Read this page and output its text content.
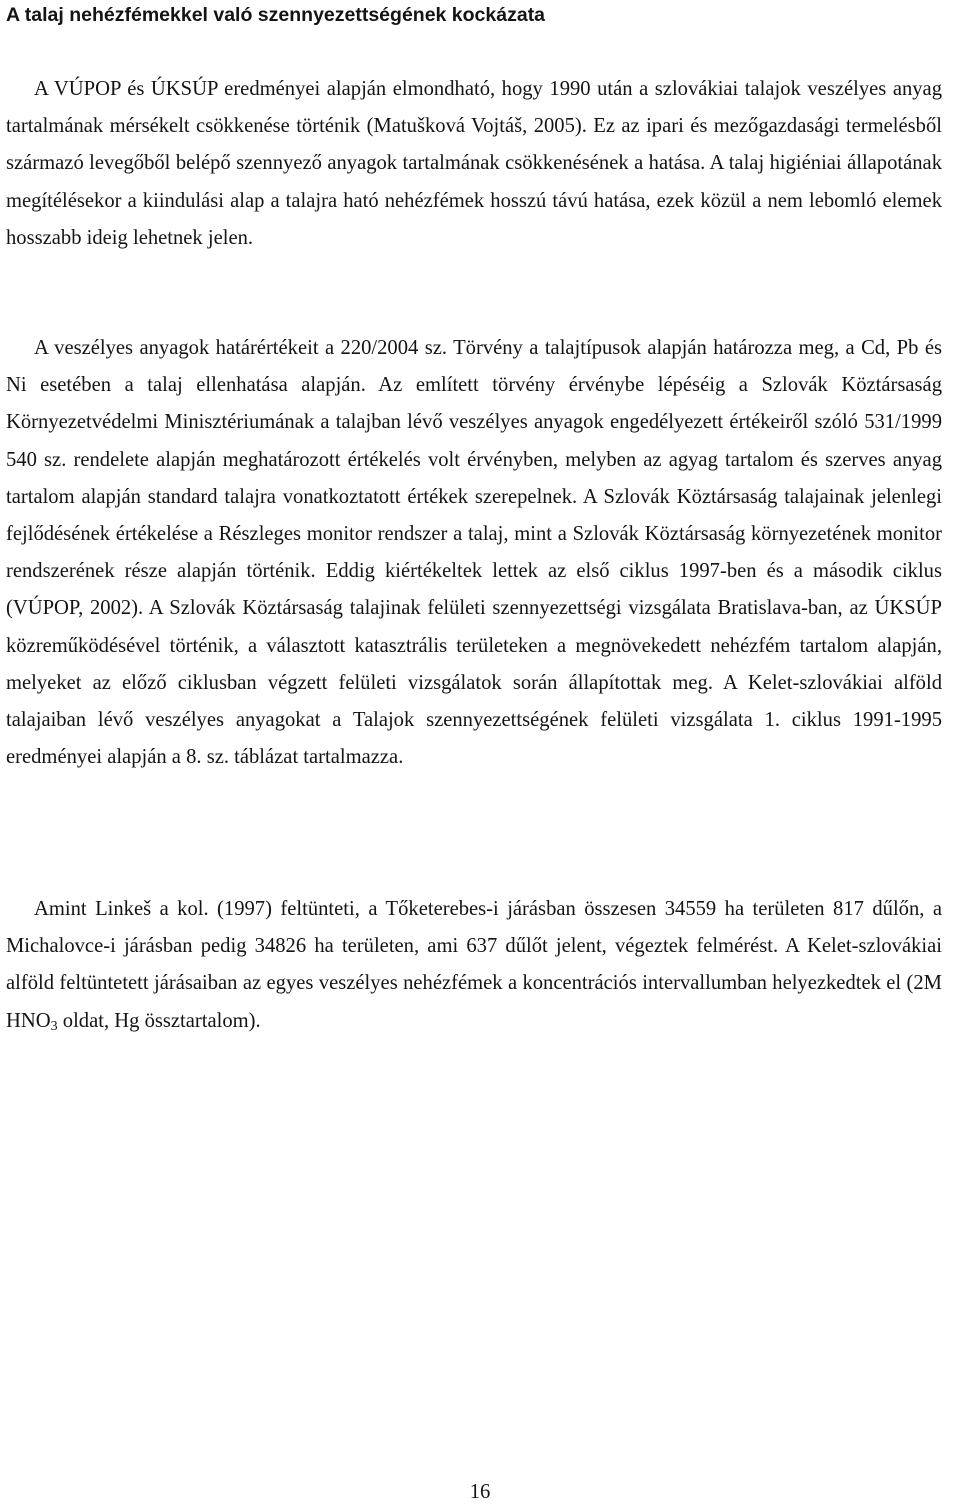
A talaj nehézfémekkel való szennyezettségének kockázata

A VÚPOP és ÚKSÚP eredményei alapján elmondható, hogy 1990 után a szlovákiai talajok veszélyes anyag tartalmának mérsékelt csökkenése történik (Matušková Vojtáš, 2005). Ez az ipari és mezőgazdasági termelésből származó levegőből belépő szennyező anyagok tartalmának csökkenésének a hatása. A talaj higiéniai állapotának megítélésekor a kiindulási alap a talajra ható nehézfémek hosszú távú hatása, ezek közül a nem lebomló elemek hosszabb ideig lehetnek jelen.

A veszélyes anyagok határértékeit a 220/2004 sz. Törvény a talajtípusok alapján határozza meg, a Cd, Pb és Ni esetében a talaj ellenhatása alapján. Az említett törvény érvénybe lépéséig a Szlovák Köztársaság Környezetvédelmi Minisztériumának a talajban lévő veszélyes anyagok engedélyezett értékeiről szóló 531/1999 540 sz. rendelete alapján meghatározott értékelés volt érvényben, melyben az agyag tartalom és szerves anyag tartalom alapján standard talajra vonatkoztatott értékek szerepelnek. A Szlovák Köztársaság talajainak jelenlegi fejlődésének értékelése a Részleges monitor rendszer a talaj, mint a Szlovák Köztársaság környezetének monitor rendszerének része alapján történik. Eddig kiértékeltek lettek az első ciklus 1997-ben és a második ciklus (VÚPOP, 2002). A Szlovák Köztársaság talajinak felületi szennyezettségi vizsgálata Bratislava-ban, az ÚKSÚP közreműködésével történik, a választott katasztrális területeken a megnövekedett nehézfém tartalom alapján, melyeket az előző ciklusban végzett felületi vizsgálatok során állapítottak meg. A Kelet-szlovákiai alföld talajaiban lévő veszélyes anyagokat a Talajok szennyezettségének felületi vizsgálata 1. ciklus 1991-1995 eredményei alapján a 8. sz. táblázat tartalmazza.

Amint Linkeš a kol. (1997) feltünteti, a Tőketerebes-i járásban összesen 34559 ha területen 817 dűlőn, a Michalovce-i járásban pedig 34826 ha területen, ami 637 dűlőt jelent, végeztek felmérést. A Kelet-szlovákiai alföld feltüntetett járásaiban az egyes veszélyes nehézfémek a koncentrációs intervallumban helyezkedtek el (2M $HNO_3$ oldat, Hg össztartalom).

16
